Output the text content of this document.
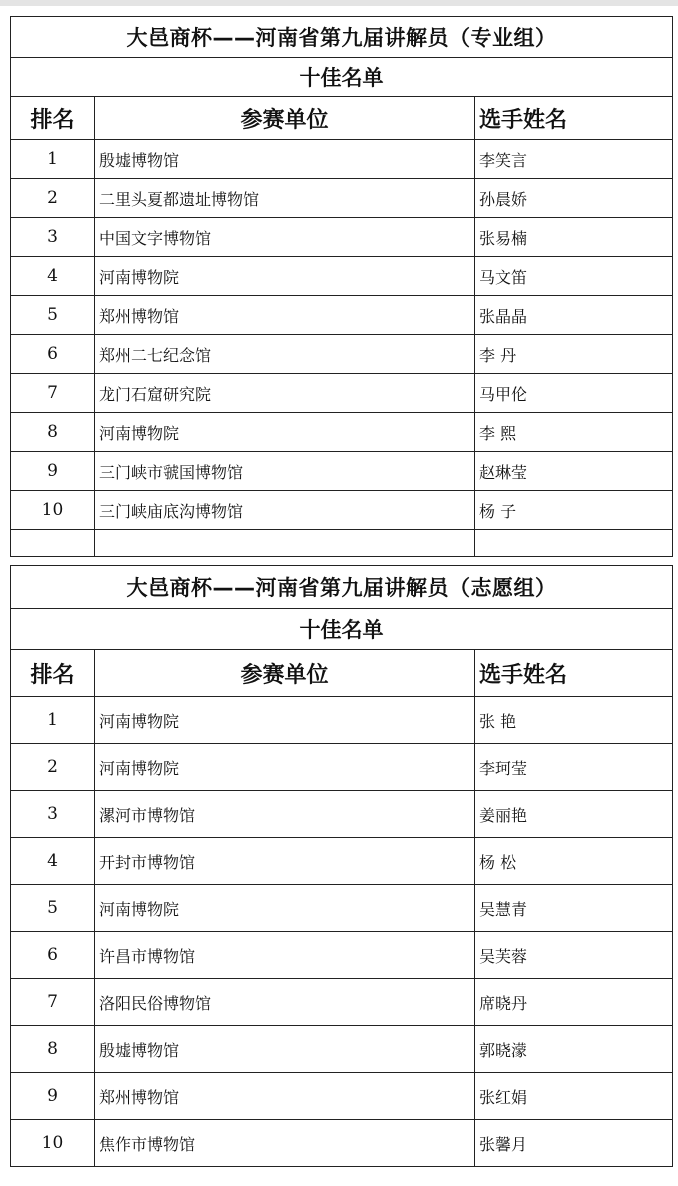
大邑商杯——河南省第九届讲解员（专业组）		
十佳名单		
排名	参赛单位	选手姓名
1	殷墟博物馆	李笑言
2	二里头夏都遗址博物馆	孙晨娇
3	中国文字博物馆	张易楠
4	河南博物院	马文笛
5	郑州博物馆	张晶晶
6	郑州二七纪念馆	李 丹
7	龙门石窟研究院	马甲伦
8	河南博物院	李 熙
9	三门峡市虢国博物馆	赵琳莹
10	三门峡庙底沟博物馆	杨 子

大邑商杯——河南省第九届讲解员（志愿组）		
十佳名单		
排名	参赛单位	选手姓名
1	河南博物院	张 艳
2	河南博物院	李珂莹
3	漯河市博物馆	姜丽艳
4	开封市博物馆	杨 松
5	河南博物院	吴慧青
6	许昌市博物馆	吴芙蓉
7	洛阳民俗博物馆	席晓丹
8	殷墟博物馆	郭晓濛
9	郑州博物馆	张红娟
10	焦作市博物馆	张馨月
